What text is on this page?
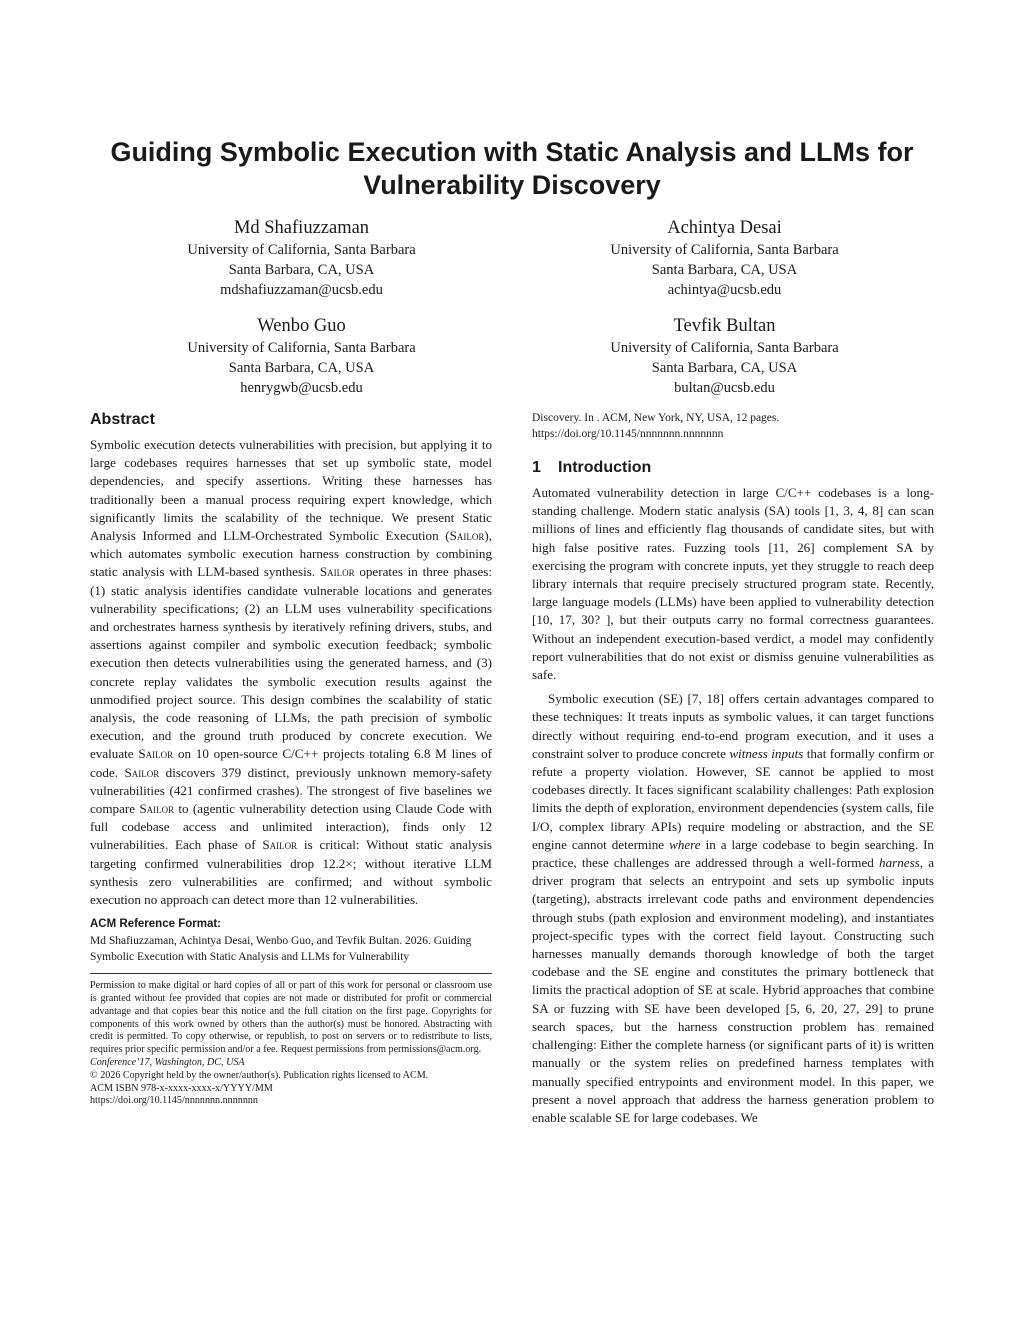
Guiding Symbolic Execution with Static Analysis and LLMs for Vulnerability Discovery
Md Shafiuzzaman
University of California, Santa Barbara
Santa Barbara, CA, USA
mdshafiuzzaman@ucsb.edu
Achintya Desai
University of California, Santa Barbara
Santa Barbara, CA, USA
achintya@ucsb.edu
Wenbo Guo
University of California, Santa Barbara
Santa Barbara, CA, USA
henrygwb@ucsb.edu
Tevfik Bultan
University of California, Santa Barbara
Santa Barbara, CA, USA
bultan@ucsb.edu
Abstract

Symbolic execution detects vulnerabilities with precision, but applying it to large codebases requires harnesses that set up symbolic state, model dependencies, and specify assertions. Writing these harnesses has traditionally been a manual process requiring expert knowledge, which significantly limits the scalability of the technique. We present Static Analysis Informed and LLM-Orchestrated Symbolic Execution (Sailor), which automates symbolic execution harness construction by combining static analysis with LLM-based synthesis. Sailor operates in three phases: (1) static analysis identifies candidate vulnerable locations and generates vulnerability specifications; (2) an LLM uses vulnerability specifications and orchestrates harness synthesis by iteratively refining drivers, stubs, and assertions against compiler and symbolic execution feedback; symbolic execution then detects vulnerabilities using the generated harness, and (3) concrete replay validates the symbolic execution results against the unmodified project source. This design combines the scalability of static analysis, the code reasoning of LLMs, the path precision of symbolic execution, and the ground truth produced by concrete execution. We evaluate Sailor on 10 open-source C/C++ projects totaling 6.8 M lines of code. Sailor discovers 379 distinct, previously unknown memory-safety vulnerabilities (421 confirmed crashes). The strongest of five baselines we compare Sailor to (agentic vulnerability detection using Claude Code with full codebase access and unlimited interaction), finds only 12 vulnerabilities. Each phase of Sailor is critical: Without static analysis targeting confirmed vulnerabilities drop 12.2×; without iterative LLM synthesis zero vulnerabilities are confirmed; and without symbolic execution no approach can detect more than 12 vulnerabilities.

ACM Reference Format:

Md Shafiuzzaman, Achintya Desai, Wenbo Guo, and Tevfik Bultan. 2026. Guiding Symbolic Execution with Static Analysis and LLMs for Vulnerability

Permission to make digital or hard copies of all or part of this work for personal or classroom use is granted without fee provided that copies are not made or distributed for profit or commercial advantage and that copies bear this notice and the full citation on the first page. Copyrights for components of this work owned by others than the author(s) must be honored. Abstracting with credit is permitted. To copy otherwise, or republish, to post on servers or to redistribute to lists, requires prior specific permission and/or a fee. Request permissions from permissions@acm.org.

Conference’17, Washington, DC, USA

© 2026 Copyright held by the owner/author(s). Publication rights licensed to ACM.

ACM ISBN 978-x-xxxx-xxxx-x/YYYY/MM

https://doi.org/10.1145/nnnnnnn.nnnnnnn

Discovery. In . ACM, New York, NY, USA, 12 pages. https://doi.org/10.1145/nnnnnnn.nnnnnnn

1 Introduction

Automated vulnerability detection in large C/C++ codebases is a long-standing challenge. Modern static analysis (SA) tools [1, 3, 4, 8] can scan millions of lines and efficiently flag thousands of candidate sites, but with high false positive rates. Fuzzing tools [11, 26] complement SA by exercising the program with concrete inputs, yet they struggle to reach deep library internals that require precisely structured program state. Recently, large language models (LLMs) have been applied to vulnerability detection [10, 17, 30? ], but their outputs carry no formal correctness guarantees. Without an independent execution-based verdict, a model may confidently report vulnerabilities that do not exist or dismiss genuine vulnerabilities as safe.

Symbolic execution (SE) [7, 18] offers certain advantages compared to these techniques: It treats inputs as symbolic values, it can target functions directly without requiring end-to-end program execution, and it uses a constraint solver to produce concrete witness inputs that formally confirm or refute a property violation. However, SE cannot be applied to most codebases directly. It faces significant scalability challenges: Path explosion limits the depth of exploration, environment dependencies (system calls, file I/O, complex library APIs) require modeling or abstraction, and the SE engine cannot determine where in a large codebase to begin searching. In practice, these challenges are addressed through a well-formed harness, a driver program that selects an entrypoint and sets up symbolic inputs (targeting), abstracts irrelevant code paths and environment dependencies through stubs (path explosion and environment modeling), and instantiates project-specific types with the correct field layout. Constructing such harnesses manually demands thorough knowledge of both the target codebase and the SE engine and constitutes the primary bottleneck that limits the practical adoption of SE at scale. Hybrid approaches that combine SA or fuzzing with SE have been developed [5, 6, 20, 27, 29] to prune search spaces, but the harness construction problem has remained challenging: Either the complete harness (or significant parts of it) is written manually or the system relies on predefined harness templates with manually specified entrypoints and environment model. In this paper, we present a novel approach that address the harness generation problem to enable scalable SE for large codebases. We
